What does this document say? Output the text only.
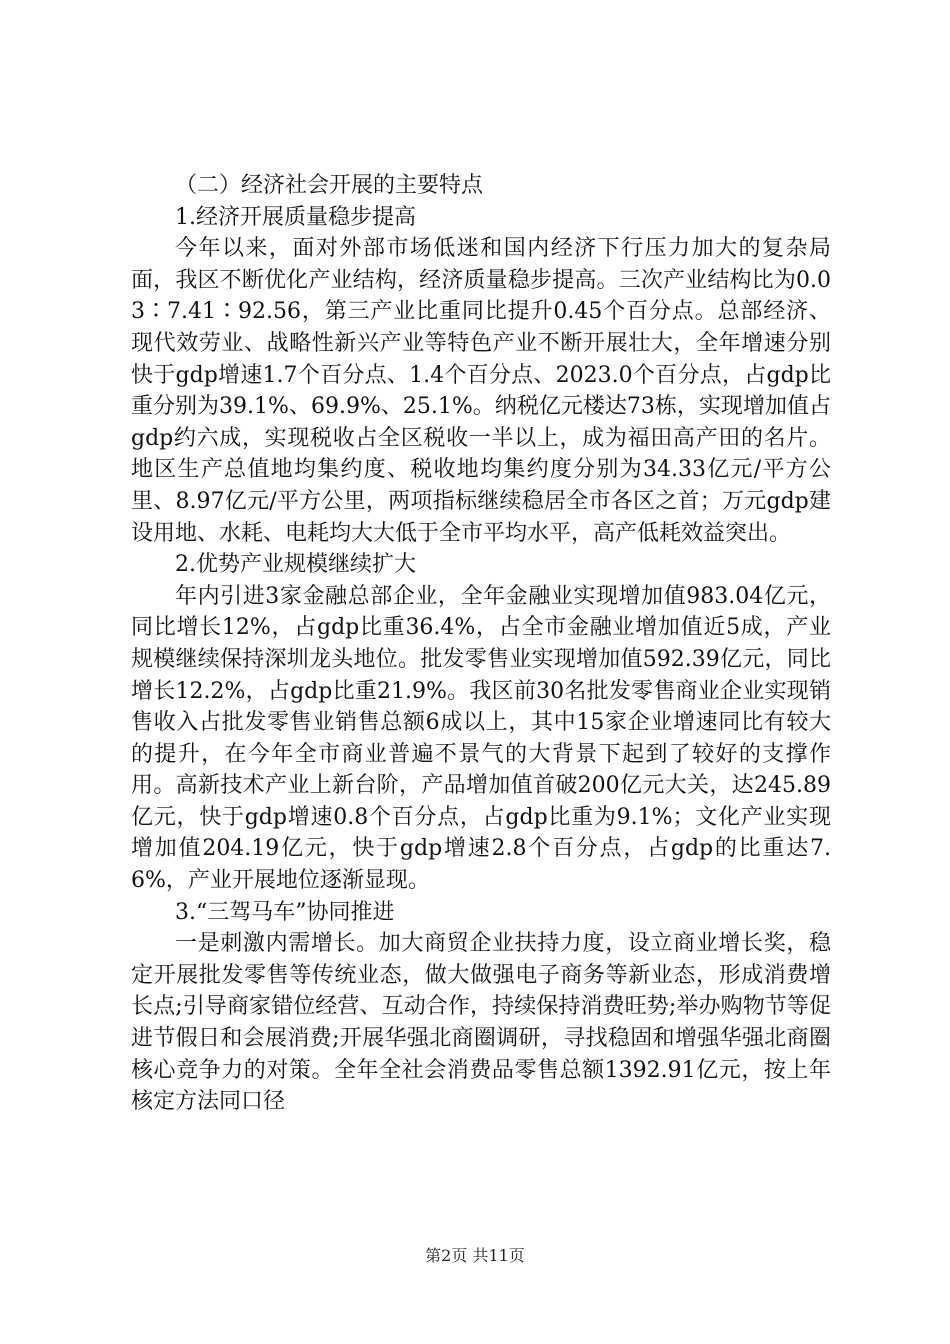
（二）经济社会开展的主要特点

1.经济开展质量稳步提高

今年以来，面对外部市场低迷和国内经济下行压力加大的复杂局面，我区不断优化产业结构，经济质量稳步提高。三次产业结构比为0.03∶7.41∶92.56，第三产业比重同比提升0.45个百分点。总部经济、现代效劳业、战略性新兴产业等特色产业不断开展壮大，全年增速分别快于gdp增速1.7个百分点、1.4个百分点、2023.0个百分点，占gdp比重分别为39.1%、69.9%、25.1%。纳税亿元楼达73栋，实现增加值占gdp约六成，实现税收占全区税收一半以上，成为福田高产田的名片。地区生产总值地均集约度、税收地均集约度分别为34.33亿元/平方公里、8.97亿元/平方公里，两项指标继续稳居全市各区之首；万元gdp建设用地、水耗、电耗均大大低于全市平均水平，高产低耗效益突出。

2.优势产业规模继续扩大

年内引进3家金融总部企业，全年金融业实现增加值983.04亿元，同比增长12%，占gdp比重36.4%，占全市金融业增加值近5成，产业规模继续保持深圳龙头地位。批发零售业实现增加值592.39亿元，同比增长12.2%，占gdp比重21.9%。我区前30名批发零售商业企业实现销售收入占批发零售业销售总额6成以上，其中15家企业增速同比有较大的提升，在今年全市商业普遍不景气的大背景下起到了较好的支撑作用。高新技术产业上新台阶，产品增加值首破200亿元大关，达245.89亿元，快于gdp增速0.8个百分点，占gdp比重为9.1%；文化产业实现增加值204.19亿元，快于gdp增速2.8个百分点，占gdp的比重达7.6%，产业开展地位逐渐显现。

3.“三驾马车”协同推进

一是刺激内需增长。加大商贸企业扶持力度，设立商业增长奖，稳定开展批发零售等传统业态，做大做强电子商务等新业态，形成消费增长点;引导商家错位经营、互动合作，持续保持消费旺势;举办购物节等促进节假日和会展消费;开展华强北商圈调研，寻找稳固和增强华强北商圈核心竞争力的对策。全年全社会消费品零售总额1392.91亿元，按上年核定方法同口径

第2页 共11页
